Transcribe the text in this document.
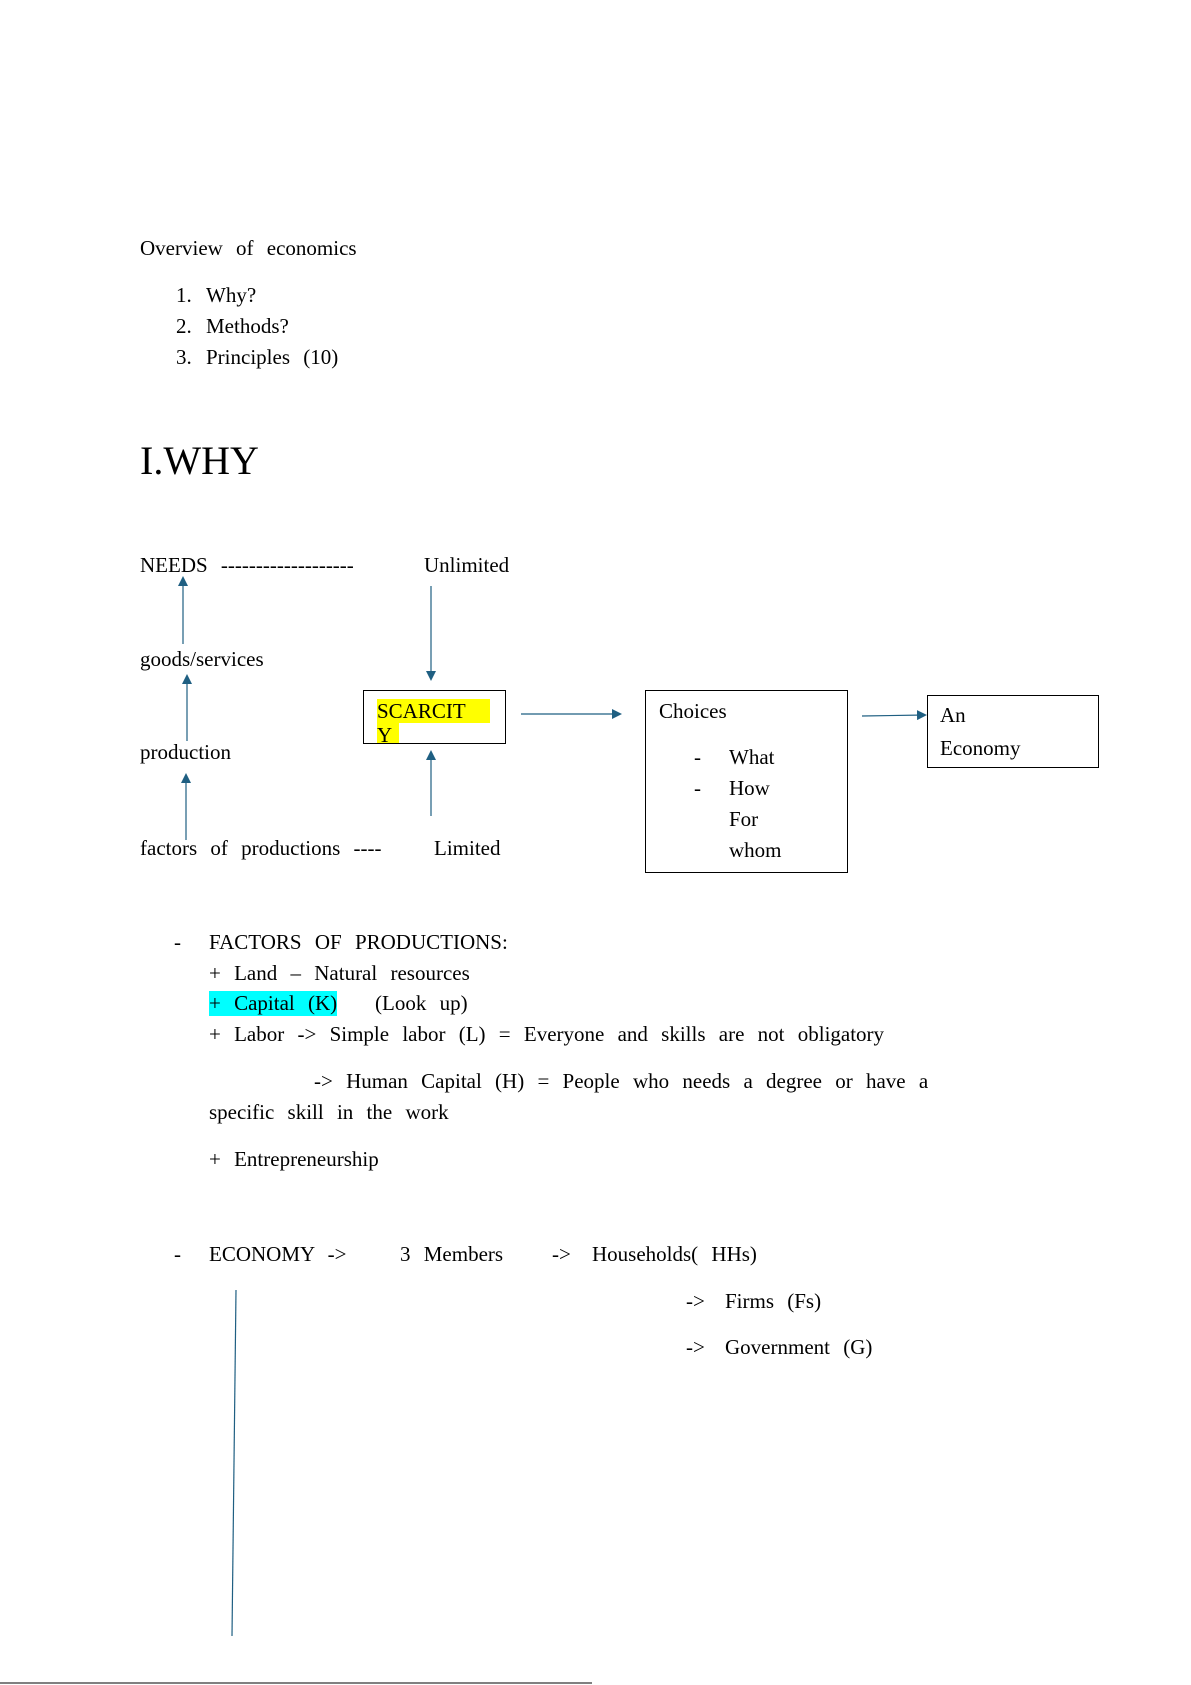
Overview of economics
1. Why?
2. Methods?
3. Principles (10)
I.WHY
NEEDS -------------------	Unlimited
goods/services
production
factors of productions ---- Limited
SCARCIT
Y
Choices
- What
- How
For
whom
An
Economy
- FACTORS OF PRODUCTIONS:
+ Land – Natural resources
+ Capital (K) (Look up)
+ Labor -> Simple labor (L) = Everyone and skills are not obligatory
-> Human Capital (H) = People who needs a degree or have a
specific skill in the work
+ Entrepreneurship
- ECONOMY ->	3 Members -> Households( HHs)
-> Firms (Fs)
-> Government (G)
